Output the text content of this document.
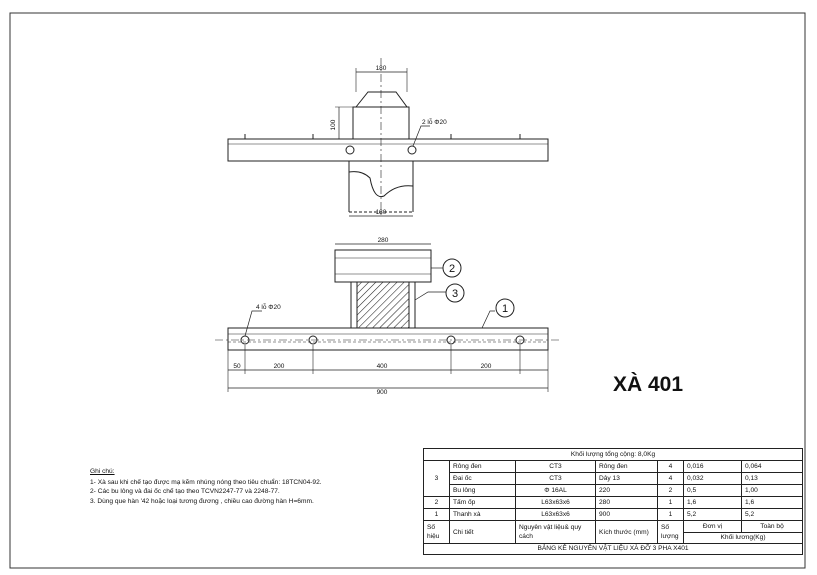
2
3
1
180
100	2 lỗ Φ20
180
280
4 lỗ Φ20
50	200	400	200
900	XÀ 401
Ghi chú:
1- Xà sau khi chế tạo được mạ kẽm nhúng nóng theo tiêu chuẩn: 18TCN04-92.
2- Các bu lông và đai ốc chế tạo theo TCVN2247-77 và 2248-77.
3. Dùng que hàn '42 hoặc loại tương đương , chiều cao đường hàn H=6mm.
Khối lượng tổng cộng: 8,0Kg						
3	Rông đen	CT3	Rông đen	4	0,016	0,064
	Đai ốc	CT3	Dây 13	4	0,032	0,13
	Bu lông	Φ 16AL	220	2	0,5	1,00
2	Tấm ốp	L63x63x6	280	1	1,6	1,6
1	Thanh xà	L63x63x6	900	1	5,2	5,2
Số hiệu	Chi tiết	Nguyên vật liệu& quy cách	Kích thước (mm)	Số lượng	Đơn vị	Toàn bộ
					Khối lương(Kg)	
BẢNG KÊ NGUYÊN VẬT LIỆU XÀ ĐỠ 3 PHA X401						
